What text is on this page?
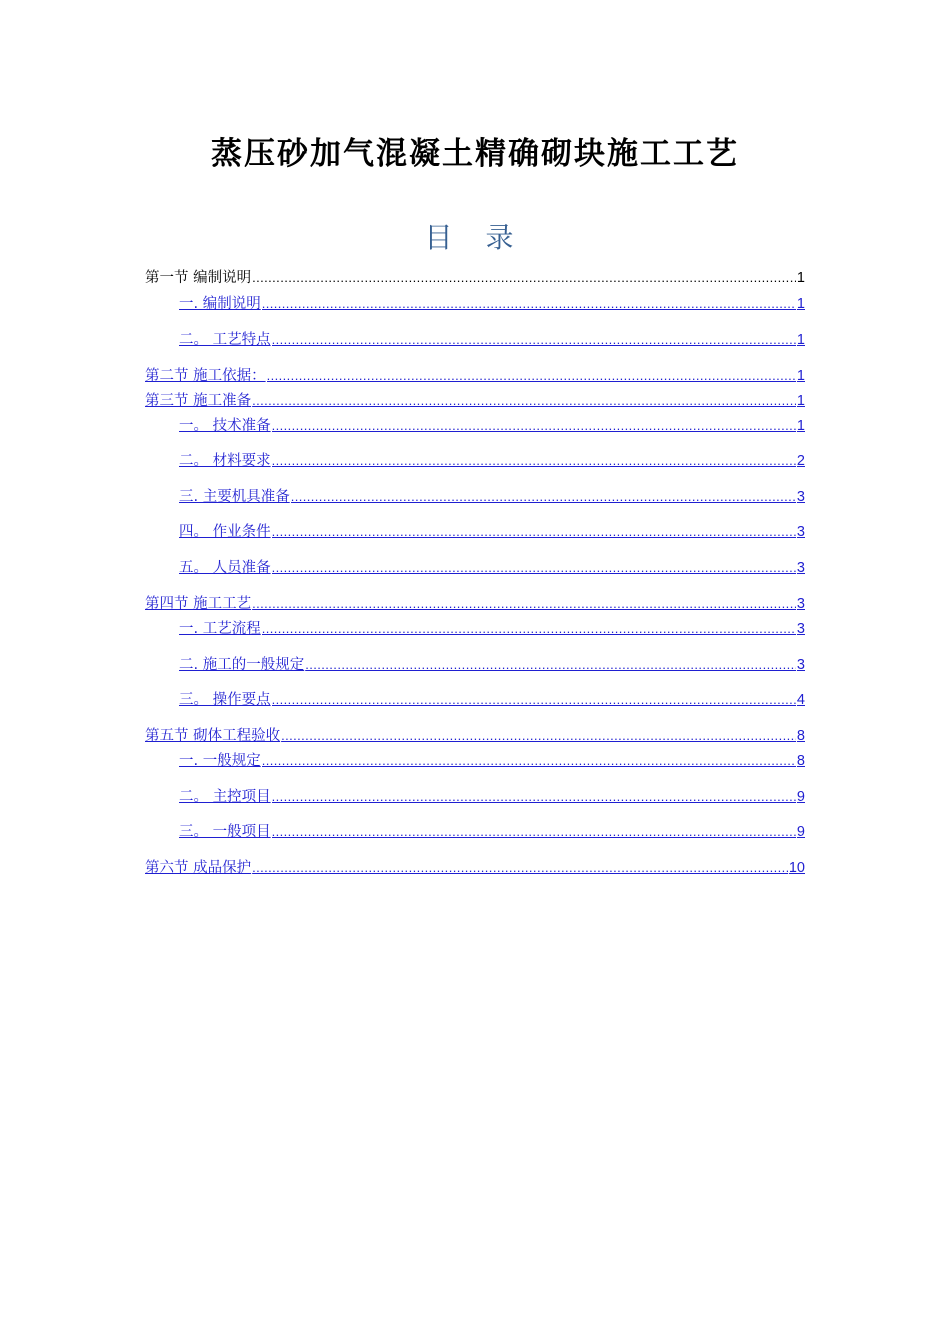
蒸压砂加气混凝土精确砌块施工工艺
目 录
第一节 编制说明 .....	1
一. 编制说明 .....	1
二。 工艺特点 .....	1
第二节 施工依据： .....	1
第三节 施工准备 .....	1
一。 技术准备 .....	1
二。 材料要求 .....	2
三. 主要机具准备 .....	3
四。 作业条件 .....	3
五。 人员准备 .....	3
第四节 施工工艺 .....	3
一. 工艺流程 .....	3
二. 施工的一般规定 .....	3
三。 操作要点 .....	4
第五节 砌体工程验收 .....	8
一. 一般规定 .....	8
二。 主控项目 .....	9
三。 一般项目 .....	9
第六节 成品保护 .....	10
